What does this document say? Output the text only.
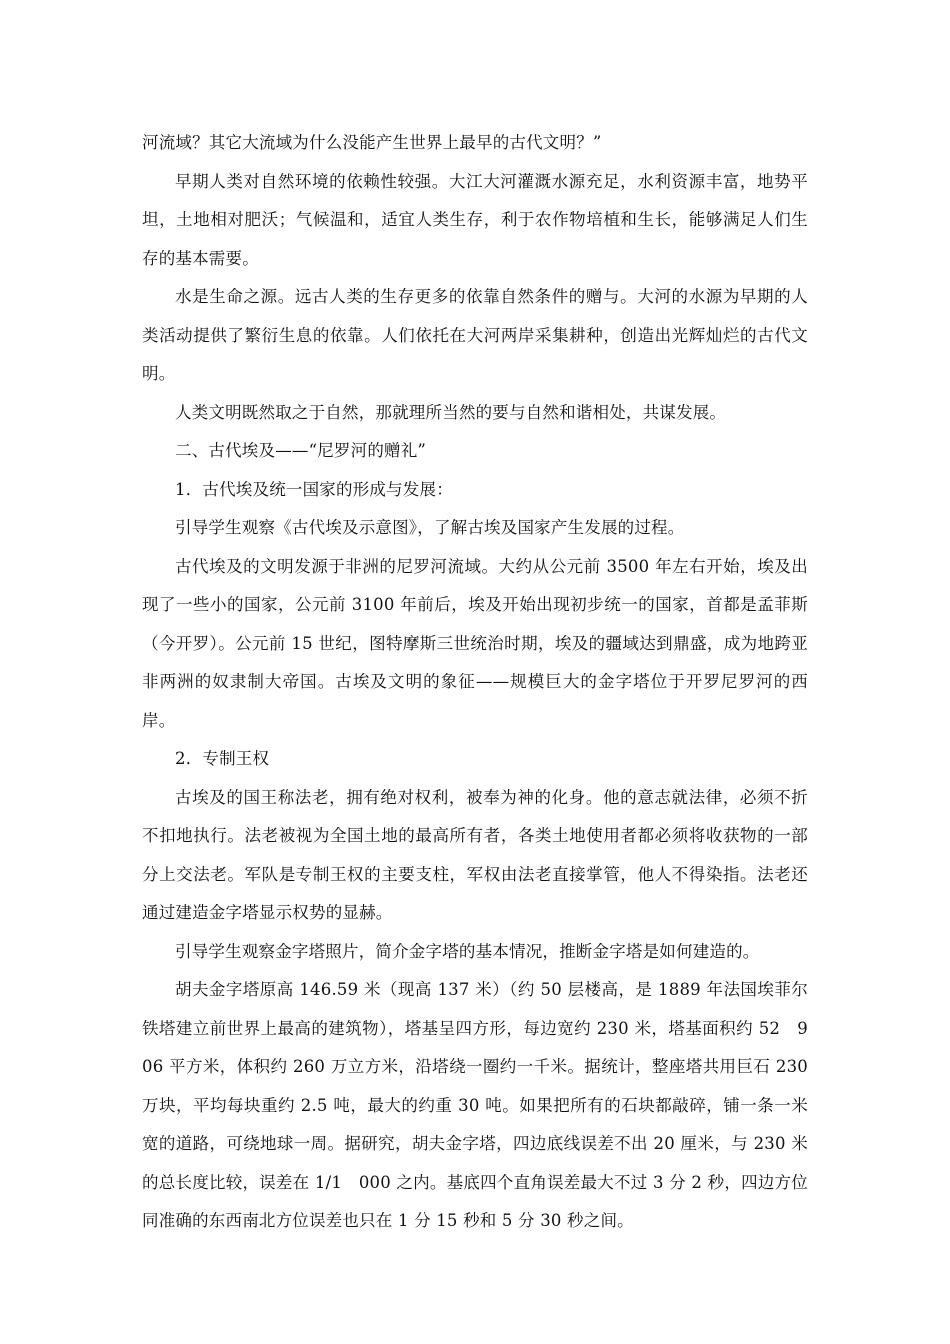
河流域？其它大流域为什么没能产生世界上最早的古代文明？”

早期人类对自然环境的依赖性较强。大江大河灌溉水源充足，水利资源丰富，地势平坦，土地相对肥沃；气候温和，适宜人类生存，利于农作物培植和生长，能够满足人们生存的基本需要。

水是生命之源。远古人类的生存更多的依靠自然条件的赠与。大河的水源为早期的人类活动提供了繁衍生息的依靠。人们依托在大河两岸采集耕种，创造出光辉灿烂的古代文明。

人类文明既然取之于自然，那就理所当然的要与自然和谐相处，共谋发展。

二、古代埃及——“尼罗河的赠礼”

1．古代埃及统一国家的形成与发展：

引导学生观察《古代埃及示意图》，了解古埃及国家产生发展的过程。

古代埃及的文明发源于非洲的尼罗河流域。大约从公元前 3500 年左右开始，埃及出现了一些小的国家，公元前 3100 年前后，埃及开始出现初步统一的国家，首都是孟菲斯（今开罗）。公元前 15 世纪，图特摩斯三世统治时期，埃及的疆域达到鼎盛，成为地跨亚非两洲的奴隶制大帝国。古埃及文明的象征——规模巨大的金字塔位于开罗尼罗河的西岸。

2．专制王权

古埃及的国王称法老，拥有绝对权利，被奉为神的化身。他的意志就法律，必须不折不扣地执行。法老被视为全国土地的最高所有者，各类土地使用者都必须将收获物的一部分上交法老。军队是专制王权的主要支柱，军权由法老直接掌管，他人不得染指。法老还通过建造金字塔显示权势的显赫。

引导学生观察金字塔照片，简介金字塔的基本情况，推断金字塔是如何建造的。

胡夫金字塔原高 146.59 米（现高 137 米）（约 50 层楼高，是 1889 年法国埃菲尔铁塔建立前世界上最高的建筑物），塔基呈四方形，每边宽约 230 米，塔基面积约 52　906 平方米，体积约 260 万立方米，沿塔绕一圈约一千米。据统计，整座塔共用巨石 230 万块，平均每块重约 2.5 吨，最大的约重 30 吨。如果把所有的石块都敲碎，铺一条一米宽的道路，可绕地球一周。据研究，胡夫金字塔，四边底线误差不出 20 厘米，与 230 米的总长度比较，误差在 1/1　000 之内。基底四个直角误差最大不过 3 分 2 秒，四边方位同准确的东西南北方位误差也只在 1 分 15 秒和 5 分 30 秒之间。
